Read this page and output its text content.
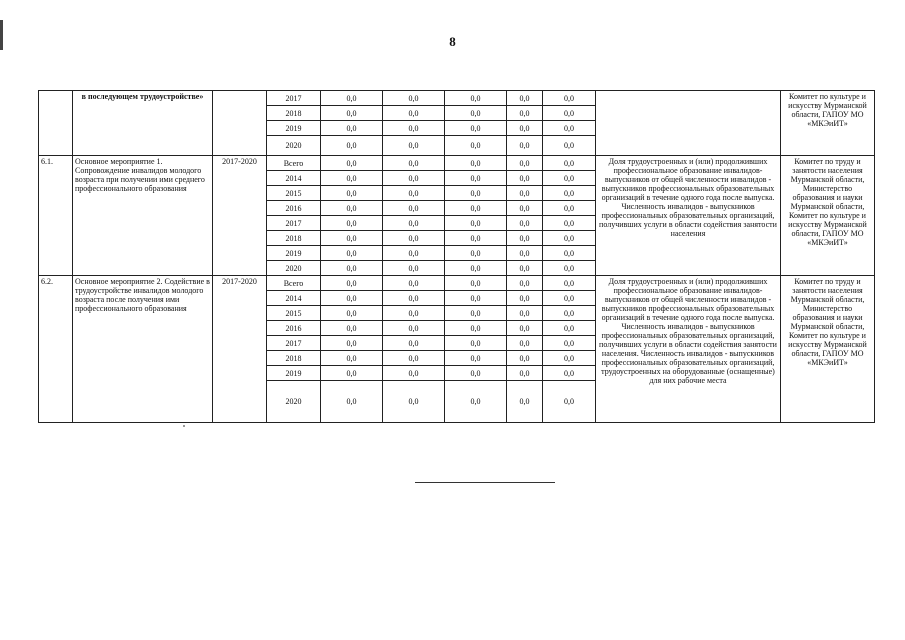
8
	в последующем трудоустройстве»		2017	0,0	0,0	0,0	0,0	0,0		Комитет по культуре и искусству Мурманской области, ГАПОУ МО «МКЭиИТ»
			2018	0,0	0,0	0,0	0,0	0,0		
			2019	0,0	0,0	0,0	0,0	0,0		
			2020	0,0	0,0	0,0	0,0	0,0		
6.1.	Основное мероприятие 1. Сопровождение инвалидов молодого возраста при получении ими среднего профессионального образования	2017-2020	Всего	0,0	0,0	0,0	0,0	0,0	Доля трудоустроенных и (или) продолживших профессиональное образование инвалидов-выпускников от общей численности инвалидов - выпускников профессиональных образовательных организаций в течение одного года после выпуска. Численность инвалидов - выпускников профессиональных образовательных организаций, получивших услуги в области содействия занятости населения	Комитет по труду и занятости населения Мурманской области, Министерство образования и науки Мурманской области, Комитет по культуре и искусству Мурманской области, ГАПОУ МО «МКЭиИТ»
			2014	0,0	0,0	0,0	0,0	0,0		
			2015	0,0	0,0	0,0	0,0	0,0		
			2016	0,0	0,0	0,0	0,0	0,0		
			2017	0,0	0,0	0,0	0,0	0,0		
			2018	0,0	0,0	0,0	0,0	0,0		
			2019	0,0	0,0	0,0	0,0	0,0		
			2020	0,0	0,0	0,0	0,0	0,0		
6.2.	Основное мероприятие 2. Содействие в трудоустройстве инвалидов молодого возраста после получения ими профессионального образования	2017-2020	Всего	0,0	0,0	0,0	0,0	0,0	Доля трудоустроенных и (или) продолживших профессиональное образование инвалидов-выпускников от общей численности инвалидов - выпускников профессиональных образовательных организаций в течение одного года после выпуска. Численность инвалидов - выпускников профессиональных образовательных организаций, получивших услуги в области содействия занятости населения. Численность инвалидов - выпускников профессиональных образовательных организаций, трудоустроенных на оборудованные (оснащенные) для них рабочие места	Комитет по труду и занятости населения Мурманской области, Министерство образования и науки Мурманской области, Комитет по культуре и искусству Мурманской области, ГАПОУ МО «МКЭиИТ»
			2014	0,0	0,0	0,0	0,0	0,0		
			2015	0,0	0,0	0,0	0,0	0,0		
			2016	0,0	0,0	0,0	0,0	0,0		
			2017	0,0	0,0	0,0	0,0	0,0		
			2018	0,0	0,0	0,0	0,0	0,0		
			2019	0,0	0,0	0,0	0,0	0,0		
			2020	0,0	0,0	0,0	0,0	0,0		
